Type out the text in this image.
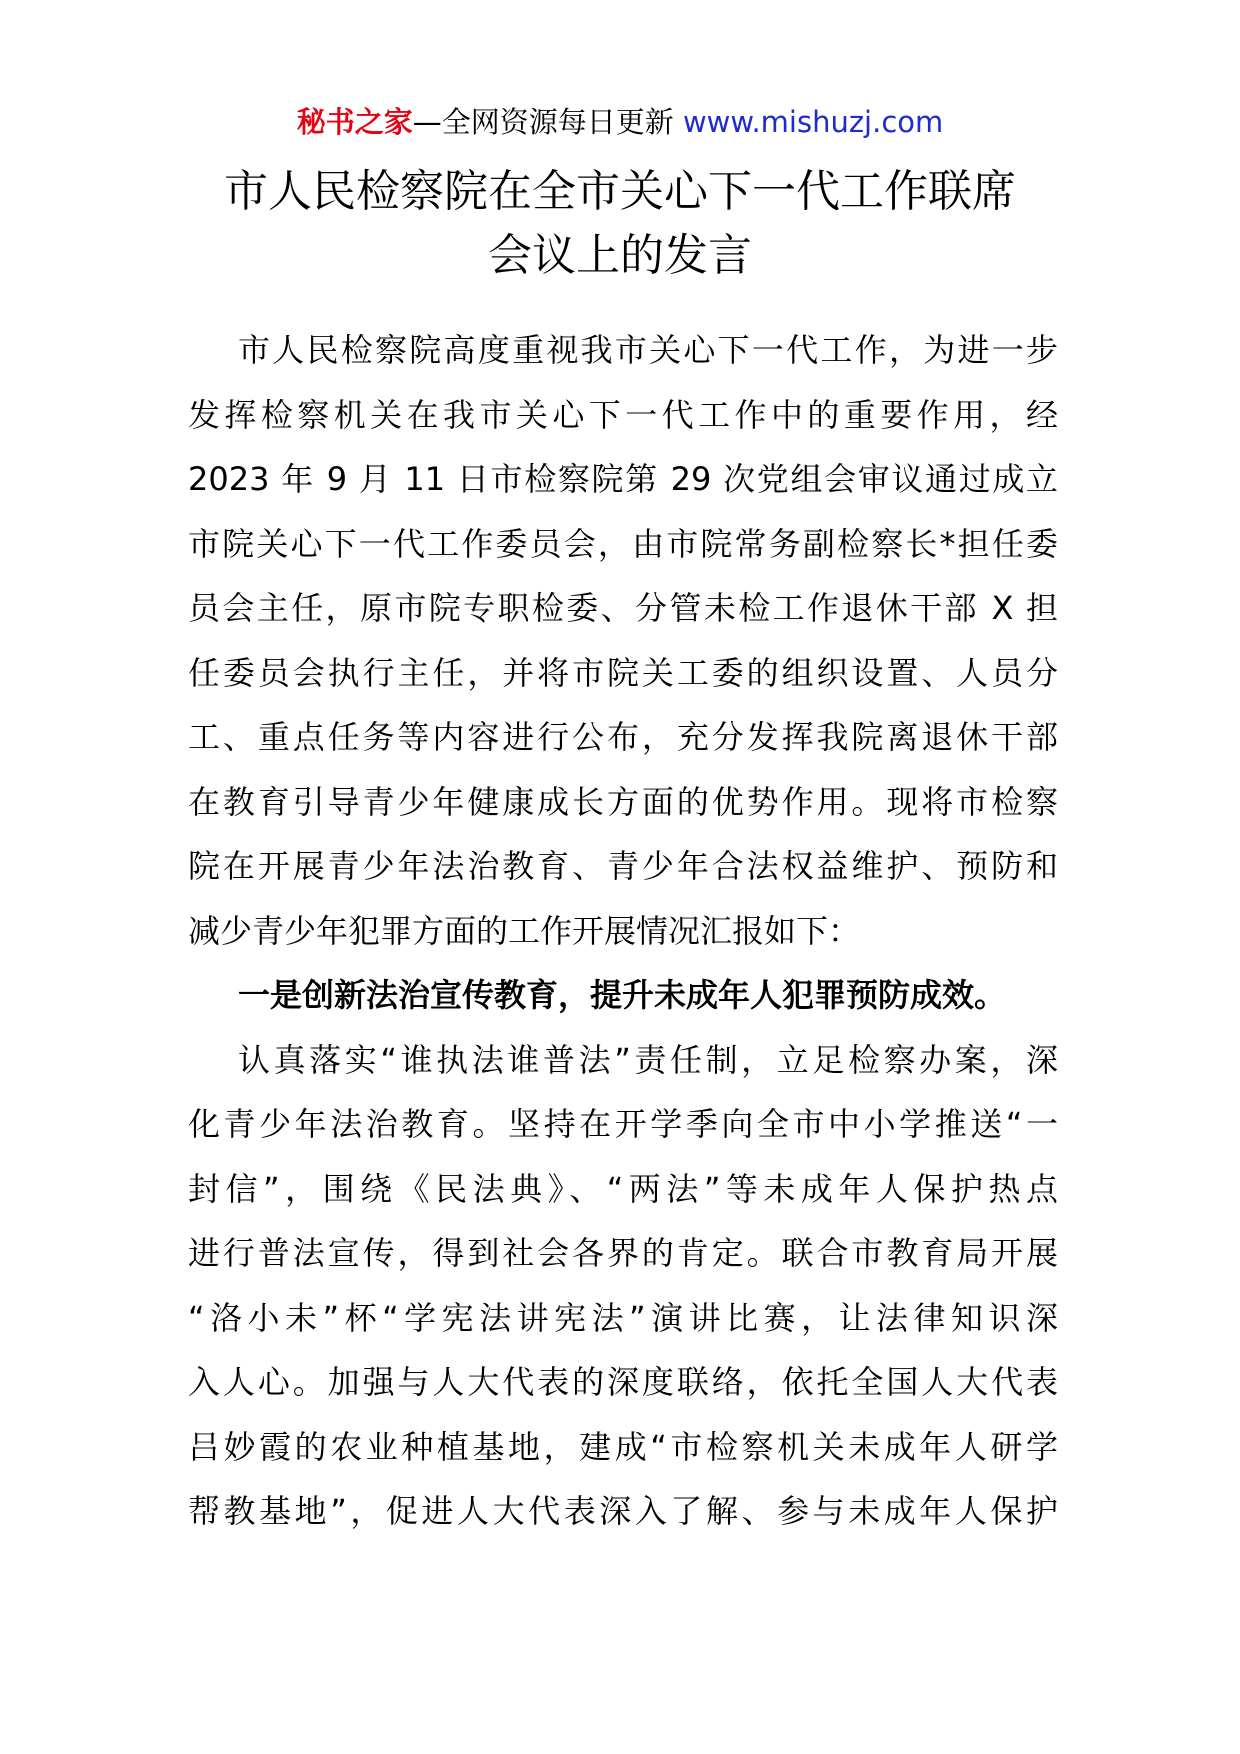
秘书之家—全网资源每日更新 www.mishuzj.com
市人民检察院在全市关心下一代工作联席
会议上的发言
市人民检察院高度重视我市关心下一代工作，为进一步
发挥检察机关在我市关心下一代工作中的重要作用，经
2023 年 9 月 11 日市检察院第 29 次党组会审议通过成立
市院关心下一代工作委员会，由市院常务副检察长*担任委
员会主任，原市院专职检委、分管未检工作退休干部 X 担
任委员会执行主任，并将市院关工委的组织设置、人员分
工、重点任务等内容进行公布，充分发挥我院离退休干部
在教育引导青少年健康成长方面的优势作用。现将市检察
院在开展青少年法治教育、青少年合法权益维护、预防和
减少青少年犯罪方面的工作开展情况汇报如下：
一是创新法治宣传教育，提升未成年人犯罪预防成效。
认真落实“谁执法谁普法”责任制，立足检察办案，深
化青少年法治教育。坚持在开学季向全市中小学推送“一
封信”，围绕《民法典》、“两法”等未成年人保护热点
进行普法宣传，得到社会各界的肯定。联合市教育局开展
“洛小未”杯“学宪法讲宪法”演讲比赛，让法律知识深
入人心。加强与人大代表的深度联络，依托全国人大代表
吕妙霞的农业种植基地，建成“市检察机关未成年人研学
帮教基地”，促进人大代表深入了解、参与未成年人保护
